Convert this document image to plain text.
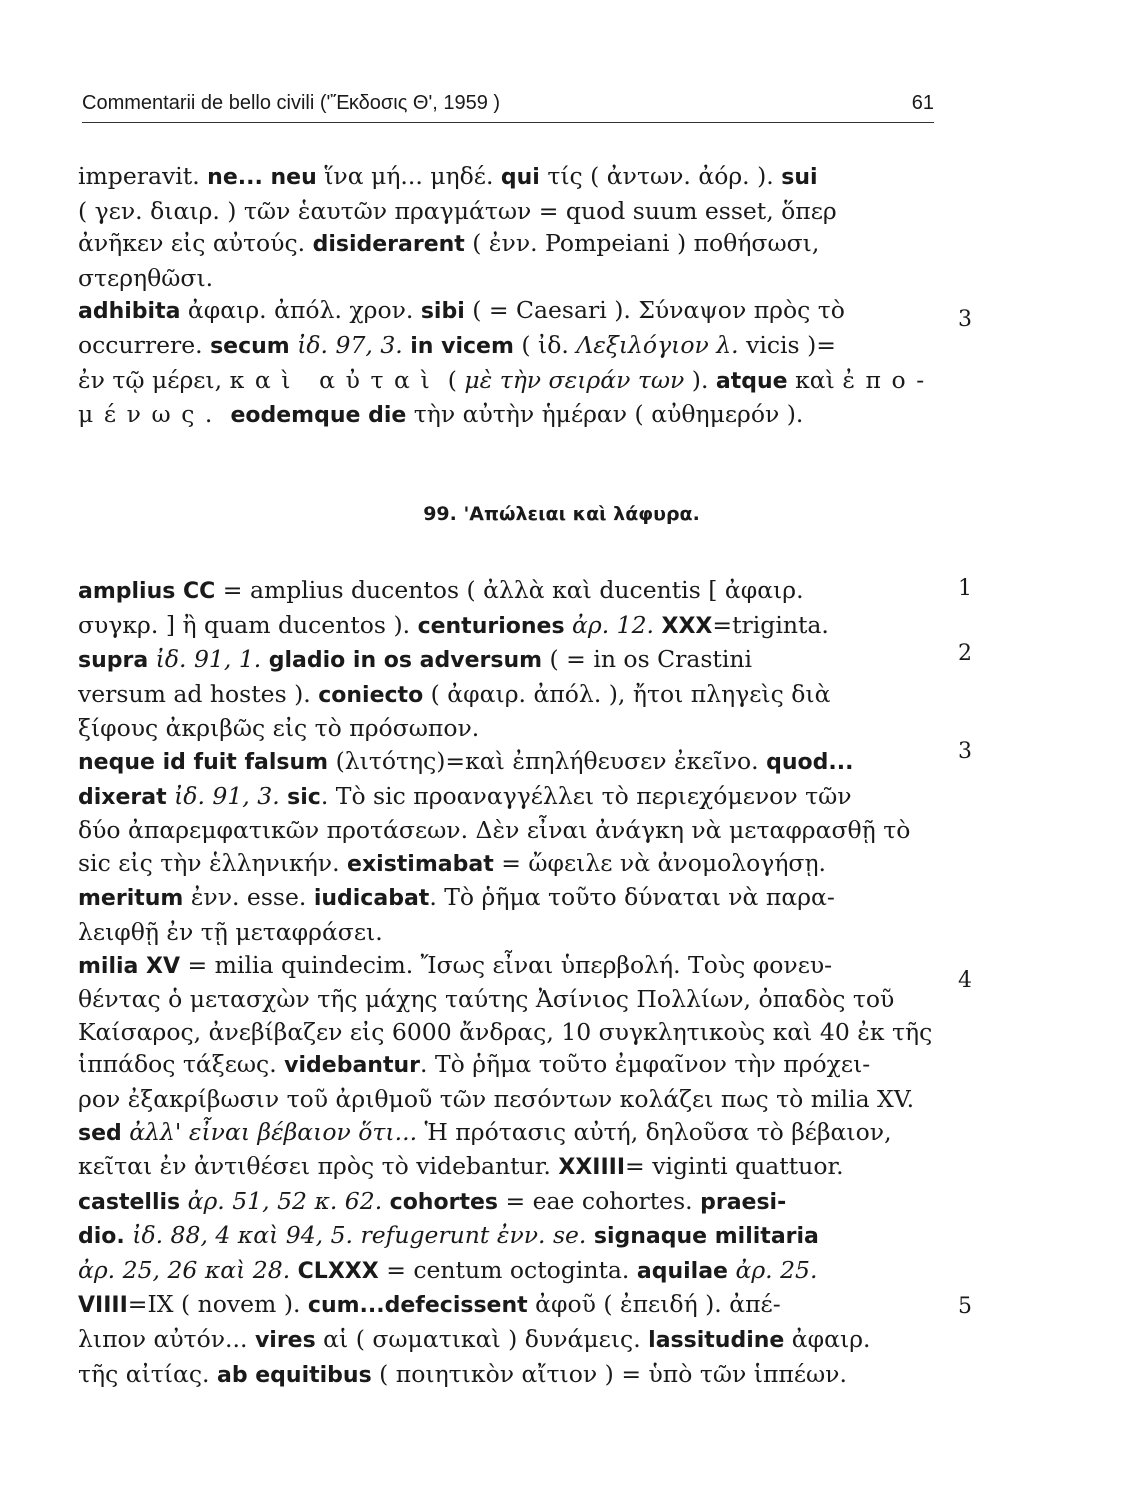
Commentarii de bello civili ('Ἔκδοσις Θ', 1959 )	61

imperavit. ne... neu ἵνα μή... μηδέ. qui τίς ( ἀντων. ἀόρ. ). sui

( γεν. διαιρ. ) τῶν ἑαυτῶν πραγμάτων = quod suum esset, ὅπερ

ἀνῆκεν εἰς αὐτούς. disiderarent ( ἐνν. Pompeiani ) ποθήσωσι,

στερηθῶσι.

adhibita ἀφαιρ. ἀπόλ. χρον. sibi ( = Caesari ). Σύναψον πρὸς τὸ

occurrere. secum ἰδ. 97, 3. in vicem ( ἰδ. Λεξιλόγιον λ. vicis )=

ἐν τῷ μέρει, καὶ αὐταὶ ( μὲ τὴν σειράν των ). atque καὶ ἐπο-

μένως. eodemque die τὴν αὐτὴν ἡμέραν ( αὐθημερόν ).

99. 'Απώλειαι καὶ λάφυρα.

amplius CC = amplius ducentos ( ἀλλὰ καὶ ducentis [ ἀφαιρ.

συγκρ. ] ἢ quam ducentos ). centuriones ἀρ. 12. XXX=triginta.

supra ἰδ. 91, 1. gladio in os adversum ( = in os Crastini

versum ad hostes ). coniecto ( ἀφαιρ. ἀπόλ. ), ἤτοι πληγεὶς διὰ

ξίφους ἀκριβῶς εἰς τὸ πρόσωπον.

neque id fuit falsum (λιτότης)=καὶ ἐπηλήθευσεν ἐκεῖνο. quod...

dixerat ἰδ. 91, 3. sic. Τὸ sic προαναγγέλλει τὸ περιεχόμενον τῶν

δύο ἀπαρεμφατικῶν προτάσεων. Δὲν εἶναι ἀνάγκη νὰ μεταφρασθῇ τὸ

sic εἰς τὴν ἑλληνικήν. existimabat = ὤφειλε νὰ ἀνομολογήσῃ.

meritum ἐνν. esse. iudicabat. Τὸ ῥῆμα τοῦτο δύναται νὰ παρα-

λειφθῇ ἐν τῇ μεταφράσει.

milia XV = milia quindecim. Ἴσως εἶναι ὑπερβολή. Τοὺς φονευ-

θέντας ὁ μετασχὼν τῆς μάχης ταύτης Ἀσίνιος Πολλίων, ὀπαδὸς τοῦ

Καίσαρος, ἀνεβίβαζεν εἰς 6000 ἄνδρας, 10 συγκλητικοὺς καὶ 40 ἐκ τῆς

ἱππάδος τάξεως. videbantur. Τὸ ῥῆμα τοῦτο ἐμφαῖνον τὴν πρόχει-

ρον ἐξακρίβωσιν τοῦ ἀριθμοῦ τῶν πεσόντων κολάζει πως τὸ milia XV.

sed ἀλλ' εἶναι βέβαιον ὅτι... Ἡ πρότασις αὐτή, δηλοῦσα τὸ βέβαιον,

κεῖται ἐν ἀντιθέσει πρὸς τὸ videbantur. XXIIII= viginti quattuor.

castellis ἀρ. 51, 52 κ. 62. cohortes = eae cohortes. praesi-

dio. ἰδ. 88, 4 καὶ 94, 5. refugerunt ἐνν. se. signaque militaria

ἀρ. 25, 26 καὶ 28. CLXXX = centum octoginta. aquilae ἀρ. 25.

VIIII=IX ( novem ). cum...defecissent ἀφοῦ ( ἐπειδή ). ἀπέ-

λιπον αὐτόν... vires αἱ ( σωματικαὶ ) δυνάμεις. lassitudine ἀφαιρ.

τῆς αἰτίας. ab equitibus ( ποιητικὸν αἴτιον ) = ὑπὸ τῶν ἱππέων.

3
1
2
3
4
5
